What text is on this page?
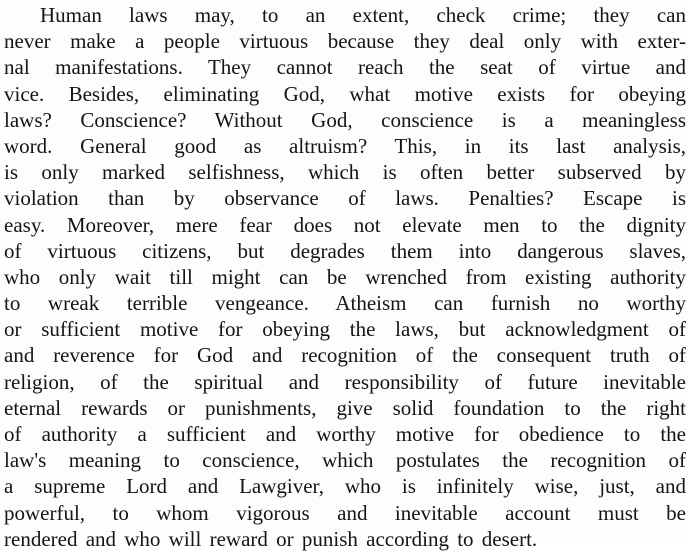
Human laws may, to an extent, check crime; they can
never make a people virtuous because they deal only with exter-
nal manifestations. They cannot reach the seat of virtue and
vice. Besides, eliminating God, what motive exists for obeying
laws? Conscience? Without God, conscience is a meaningless
word. General good as altruism? This, in its last analysis,
is only marked selfishness, which is often better subserved by
violation than by observance of laws. Penalties? Escape is
easy. Moreover, mere fear does not elevate men to the dignity
of virtuous citizens, but degrades them into dangerous slaves,
who only wait till might can be wrenched from existing authority
to wreak terrible vengeance. Atheism can furnish no worthy
or sufficient motive for obeying the laws, but acknowledgment of
and reverence for God and recognition of the consequent truth of
religion, of the spiritual and responsibility of future inevitable
eternal rewards or punishments, give solid foundation to the right
of authority a sufficient and worthy motive for obedience to the
law's meaning to conscience, which postulates the recognition of
a supreme Lord and Lawgiver, who is infinitely wise, just, and
powerful, to whom vigorous and inevitable account must be
rendered and who will reward or punish according to desert.
